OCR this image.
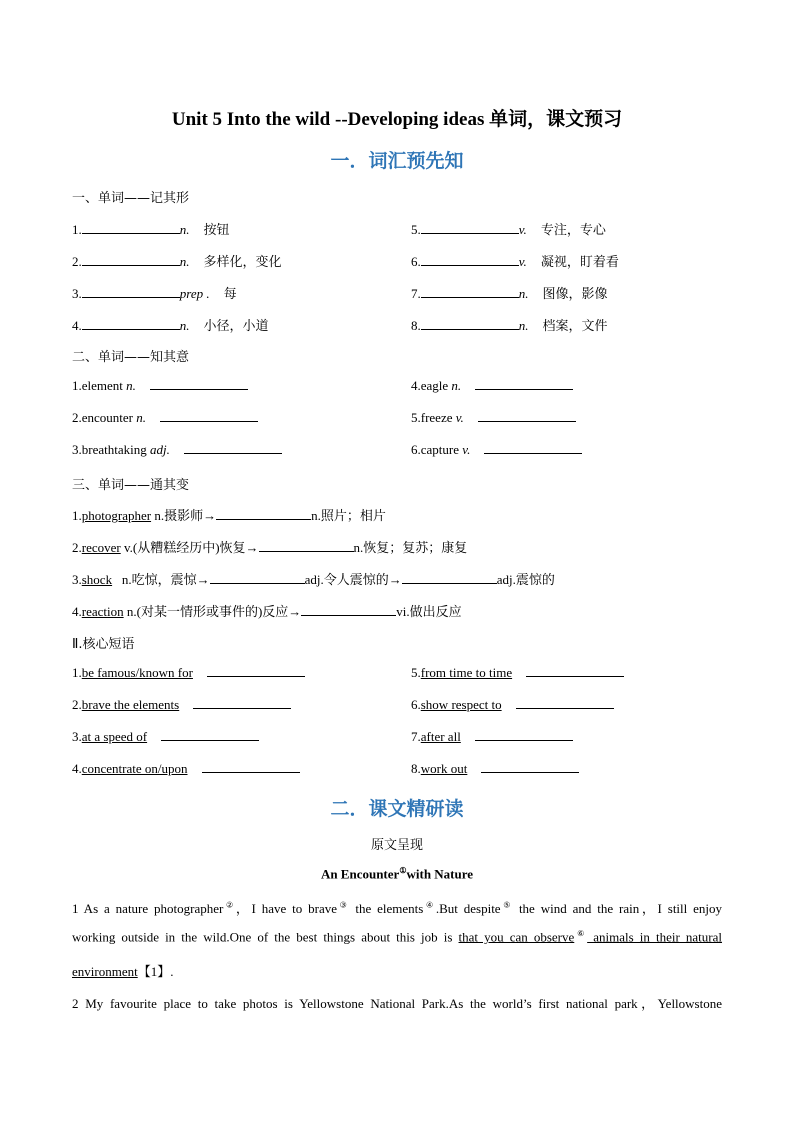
Unit 5 Into the wild --Developing ideas 单词，课文预习
一．词汇预先知
一、单词——记其形
1.	n. 按钮	5.	v. 专注，专心
2.	n. 多样化，变化	6.	v. 凝视，盯着看
3.	prep . 每	7.	n. 图像，影像
4.	n. 小径，小道	8.	n. 档案，文件
二、单词——知其意
1.element n.	4.eagle n.
2.encounter n.	5.freeze v.
3.breathtaking adj.	6.capture v.
三、单词——通其变
1.photographer n.摄影师→	n.照片；相片
2.recover v.(从糟糕经历中)恢复→	n.恢复；复苏；康复
3.shock n.吃惊，震惊→	adj.令人震惊的→	adj.震惊的
4.reaction n.(对某一情形或事件的)反应→	vi.做出反应
Ⅱ.核心短语
1.be famous/known for	5.from time to time
2.brave the elements	6.show respect to
3.at a speed of	7.after all
4.concentrate on/upon	8.work out
二．课文精研读
原文呈现
An Encounter①with Nature
1 As a nature photographer②，I have to brave③ the elements④.But despite⑤ the wind and the rain，I still enjoy
working outside in the wild.One of the best things about this job is that you can observe⑥ animals in their natural
environment【1】.
2 My favourite place to take photos is Yellowstone National Park.As the world’s first national park，Yellowstone
